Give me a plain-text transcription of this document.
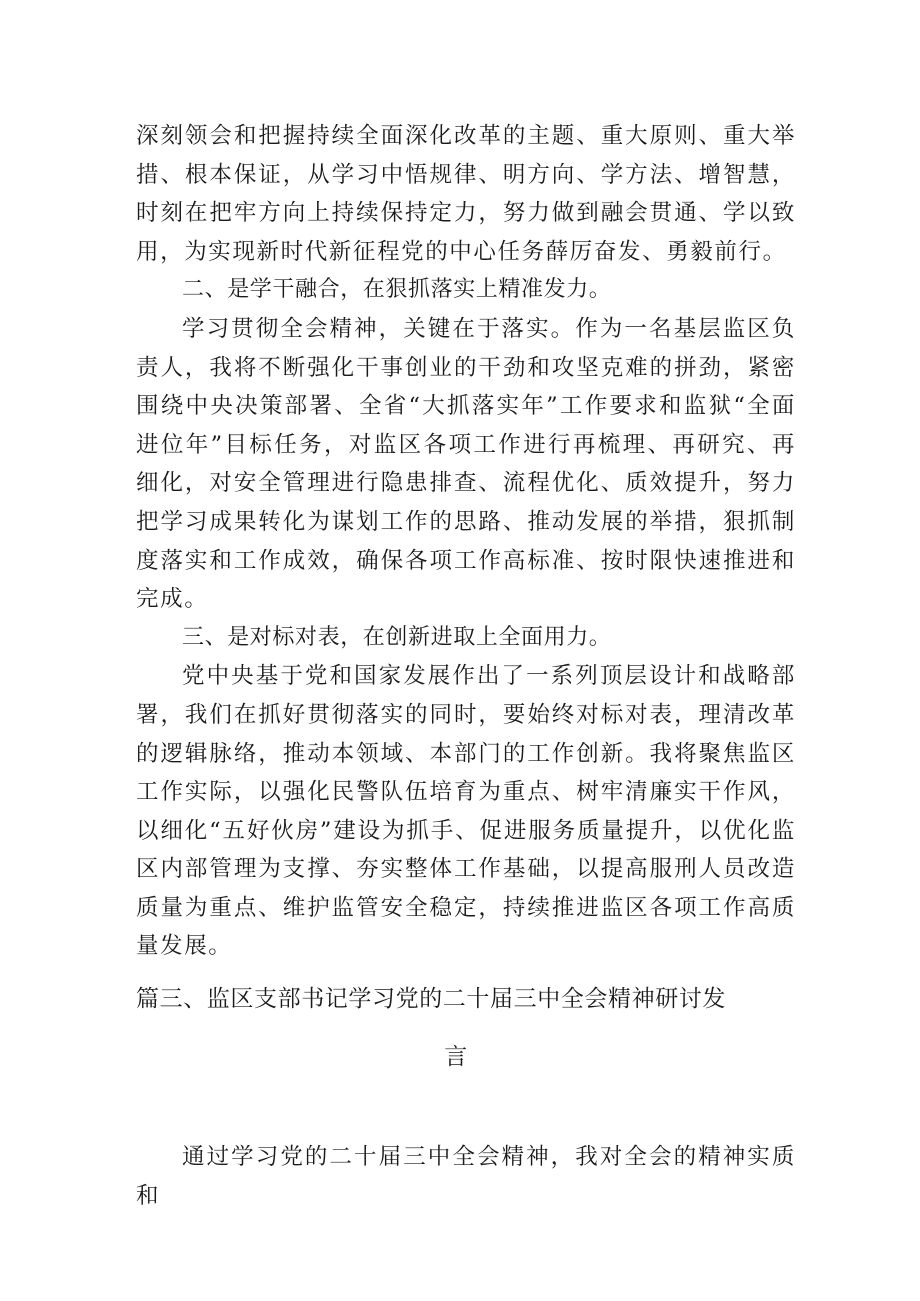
深刻领会和把握持续全面深化改革的主题、重大原则、重大举措、根本保证，从学习中悟规律、明方向、学方法、增智慧，时刻在把牢方向上持续保持定力，努力做到融会贯通、学以致用，为实现新时代新征程党的中心任务薛厉奋发、勇毅前行。

二、是学干融合，在狠抓落实上精准发力。

学习贯彻全会精神，关键在于落实。作为一名基层监区负责人，我将不断强化干事创业的干劲和攻坚克难的拼劲，紧密围绕中央决策部署、全省“大抓落实年”工作要求和监狱“全面进位年”目标任务，对监区各项工作进行再梳理、再研究、再细化，对安全管理进行隐患排查、流程优化、质效提升，努力把学习成果转化为谋划工作的思路、推动发展的举措，狠抓制度落实和工作成效，确保各项工作高标准、按时限快速推进和完成。

三、是对标对表，在创新进取上全面用力。

党中央基于党和国家发展作出了一系列顶层设计和战略部署，我们在抓好贯彻落实的同时，要始终对标对表，理清改革的逻辑脉络，推动本领域、本部门的工作创新。我将聚焦监区工作实际，以强化民警队伍培育为重点、树牢清廉实干作风，以细化“五好伙房”建设为抓手、促进服务质量提升，以优化监区内部管理为支撑、夯实整体工作基础，以提高服刑人员改造质量为重点、维护监管安全稳定，持续推进监区各项工作高质量发展。

篇三、监区支部书记学习党的二十届三中全会精神研讨发
言

通过学习党的二十届三中全会精神，我对全会的精神实质和
